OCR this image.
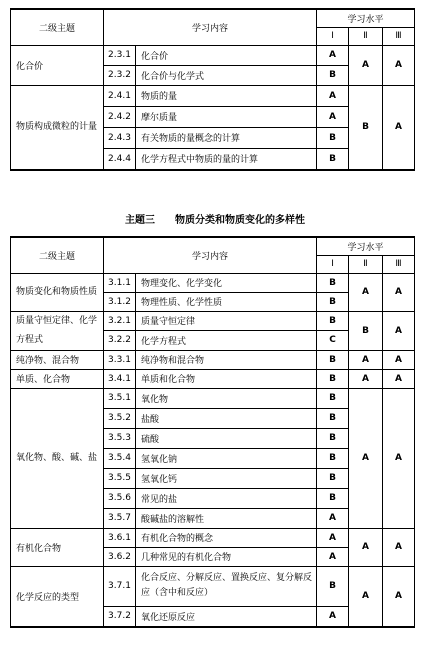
二级主题	学习内容		学习水平		
			Ⅰ	Ⅱ	Ⅲ
化合价	2.3.1	化合价	A	A	A
	2.3.2	化合价与化学式	B		
物质构成微粒的计量	2.4.1	物质的量	A	B	A
	2.4.2	摩尔质量	A		
	2.4.3	有关物质的量概念的计算	B		
	2.4.4	化学方程式中物质的量的计算	B		
主题三 物质分类和物质变化的多样性
二级主题	学习内容		学习水平		
			Ⅰ	Ⅱ	Ⅲ
物质变化和物质性质	3.1.1	物理变化、化学变化	B	A	A
	3.1.2	物理性质、化学性质	B		
质量守恒定律、化学方程式	3.2.1	质量守恒定律	B	B	A
	3.2.2	化学方程式	C		
纯净物、混合物	3.3.1	纯净物和混合物	B	A	A
单质、化合物	3.4.1	单质和化合物	B	A	A
氧化物、酸、碱、盐	3.5.1	氧化物	B	A	A
	3.5.2	盐酸	B		
	3.5.3	硫酸	B		
	3.5.4	氢氧化钠	B		
	3.5.5	氢氧化钙	B		
	3.5.6	常见的盐	B		
	3.5.7	酸碱盐的溶解性	A		
有机化合物	3.6.1	有机化合物的概念	A	A	A
	3.6.2	几种常见的有机化合物	A		
化学反应的类型	3.7.1	化合反应、分解反应、置换反应、复分解反应（含中和反应）	B	A	A
	3.7.2	氧化还原反应	A		
